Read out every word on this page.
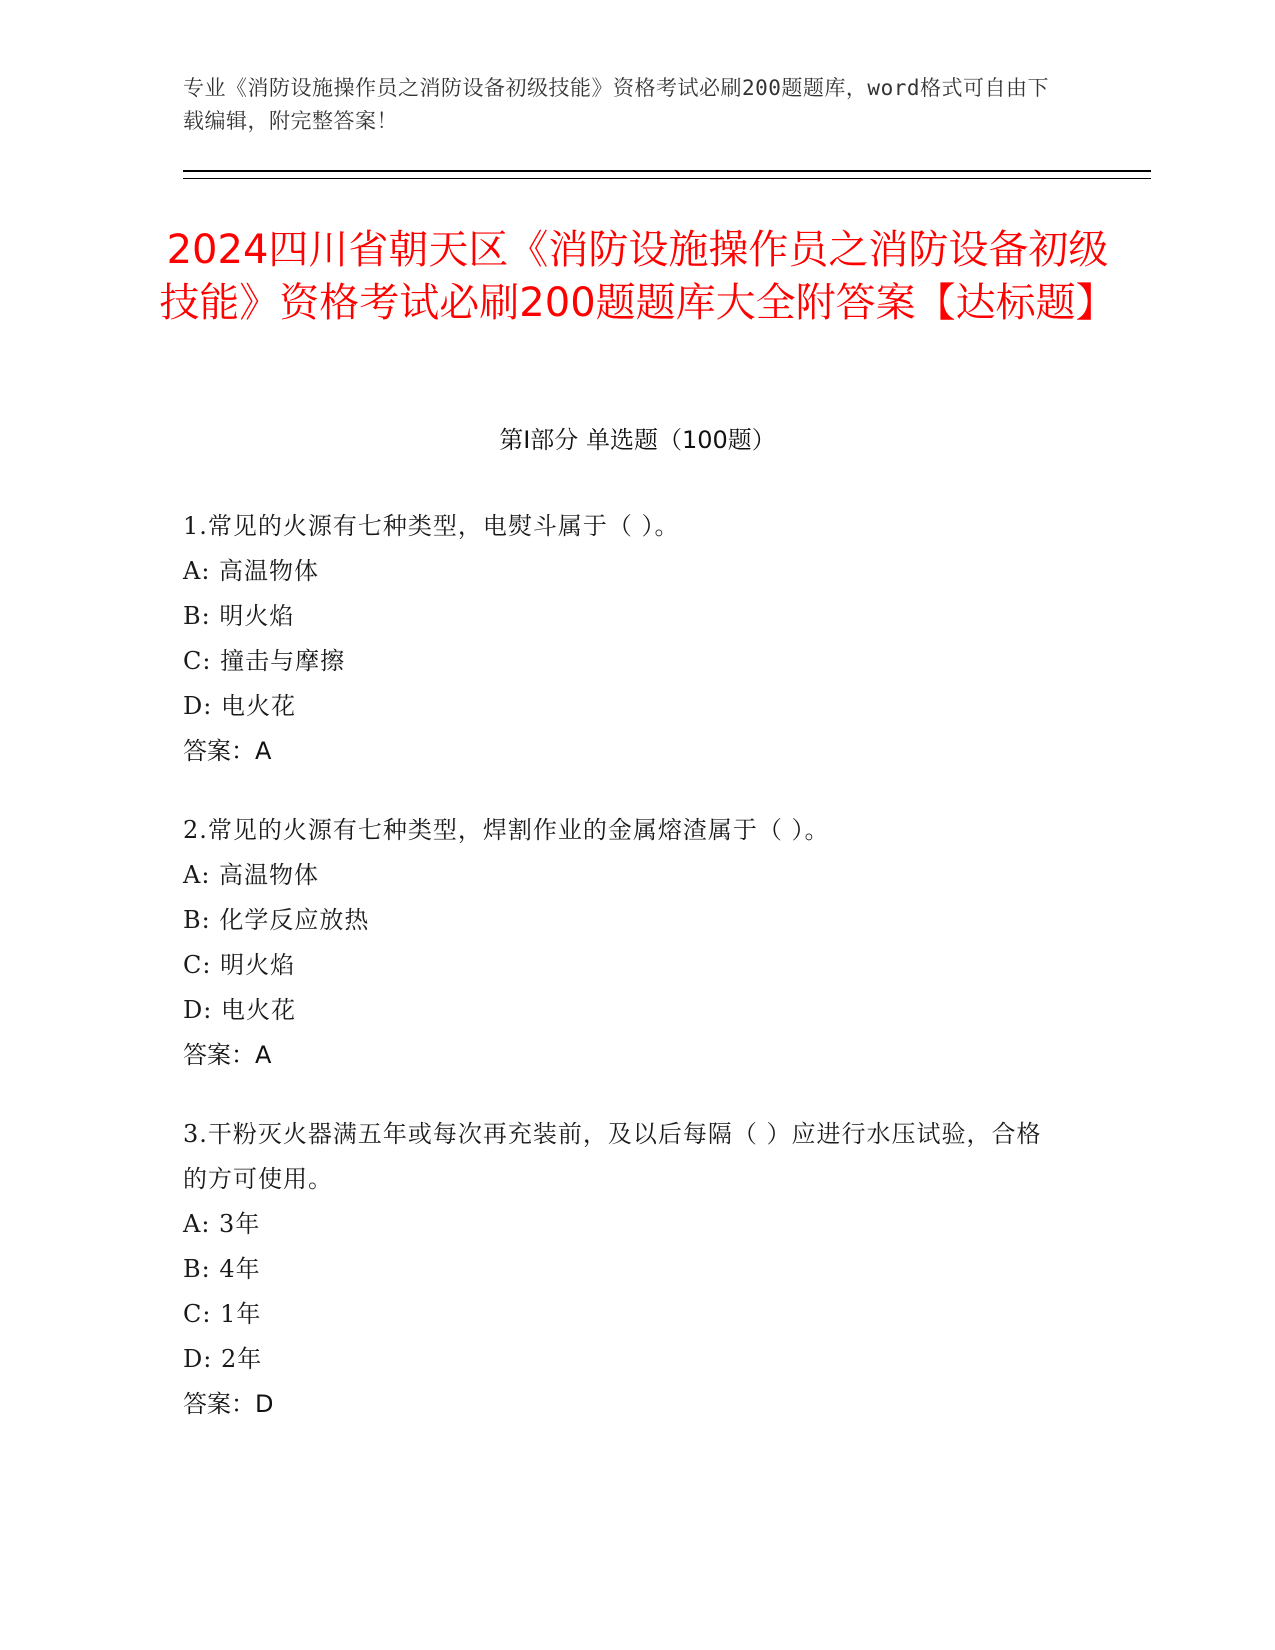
专业《消防设施操作员之消防设备初级技能》资格考试必刷200题题库，word格式可自由下载编辑，附完整答案！
2024四川省朝天区《消防设施操作员之消防设备初级技能》资格考试必刷200题题库大全附答案【达标题】
第I部分 单选题（100题）

1.常见的火源有七种类型，电熨斗属于（ ）。

A: 高温物体

B: 明火焰

C: 撞击与摩擦

D: 电火花

答案：A

2.常见的火源有七种类型，焊割作业的金属熔渣属于（ ）。

A: 高温物体

B: 化学反应放热

C: 明火焰

D: 电火花

答案：A

3.干粉灭火器满五年或每次再充装前，及以后每隔（ ）应进行水压试验，合格的方可使用。

A: 3年

B: 4年

C: 1年

D: 2年

答案：D
